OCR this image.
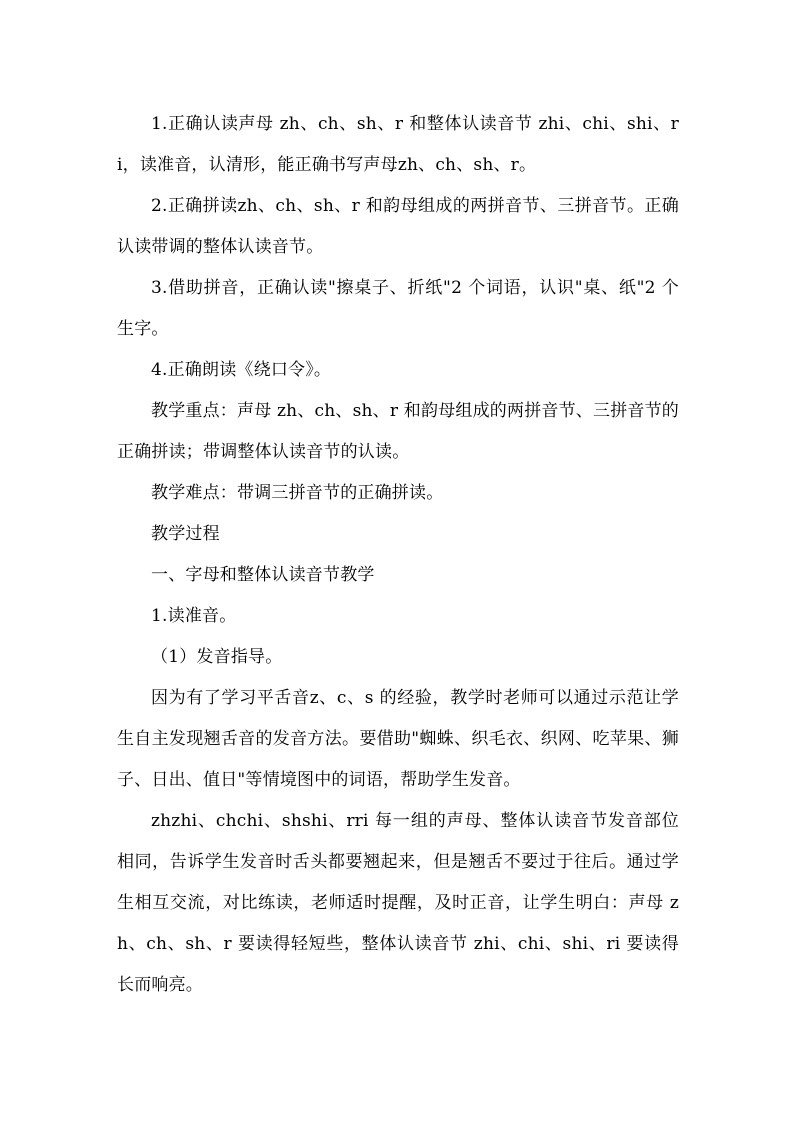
1.正确认读声母 zh、ch、sh、r 和整体认读音节 zhi、chi、shi、ri，读准音，认清形，能正确书写声母zh、ch、sh、r。

2.正确拼读zh、ch、sh、r 和韵母组成的两拼音节、三拼音节。正确认读带调的整体认读音节。

3.借助拼音，正确认读"擦桌子、折纸"2 个词语，认识"桌、纸"2 个生字。

4.正确朗读《绕口令》。

教学重点：声母 zh、ch、sh、r 和韵母组成的两拼音节、三拼音节的正确拼读；带调整体认读音节的认读。

教学难点：带调三拼音节的正确拼读。

教学过程

一、字母和整体认读音节教学

1.读准音。

（1）发音指导。

因为有了学习平舌音z、c、s 的经验，教学时老师可以通过示范让学生自主发现翘舌音的发音方法。要借助"蜘蛛、织毛衣、织网、吃苹果、狮子、日出、值日"等情境图中的词语，帮助学生发音。

zhzhi、chchi、shshi、rri 每一组的声母、整体认读音节发音部位相同，告诉学生发音时舌头都要翘起来，但是翘舌不要过于往后。通过学生相互交流，对比练读，老师适时提醒，及时正音，让学生明白：声母 zh、ch、sh、r 要读得轻短些，整体认读音节 zhi、chi、shi、ri 要读得长而响亮。
